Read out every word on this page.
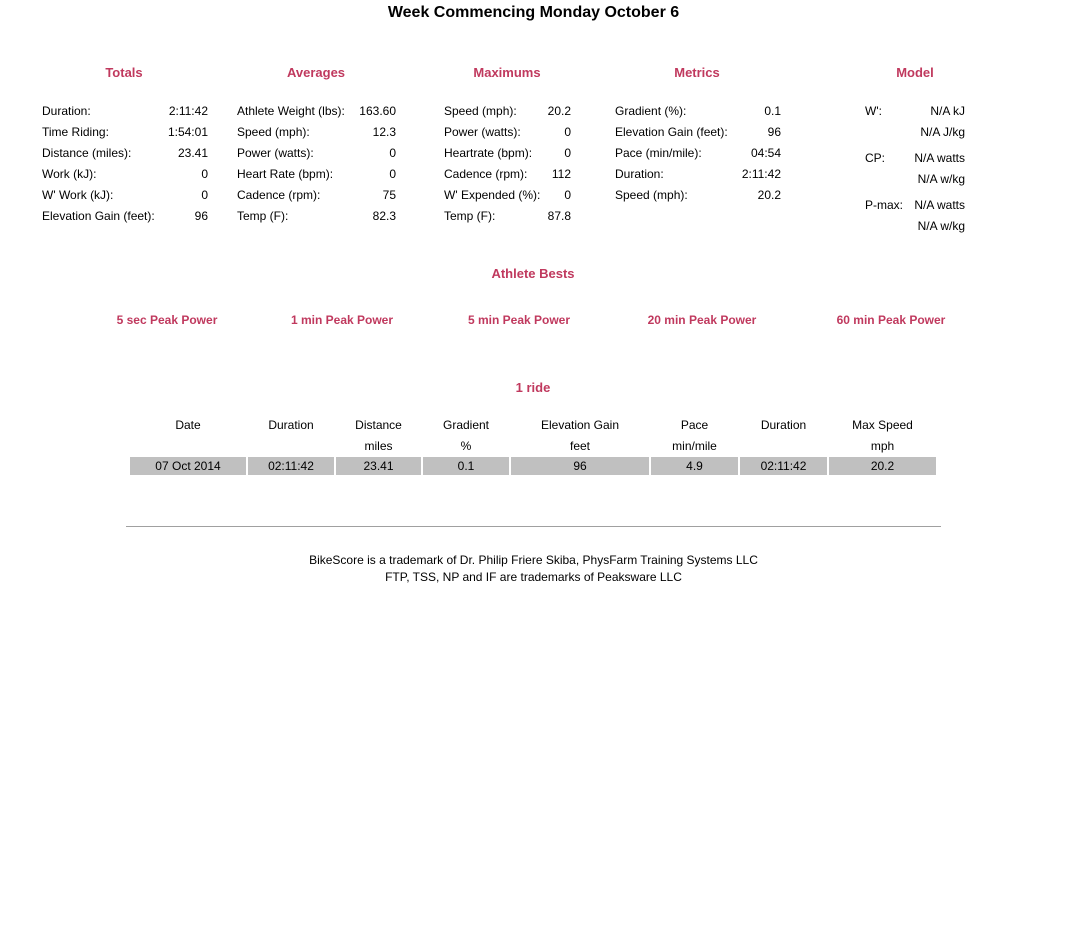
Week Commencing Monday October 6
Totals	Averages	Maximums	Metrics	Model
Duration:	2:11:42
Time Riding:	1:54:01
Distance (miles):	23.41
Work (kJ):	0
W' Work (kJ):	0
Elevation Gain (feet):	96
Athlete Weight (lbs): 163.60
Speed (mph):	12.3
Power (watts):	0
Heart Rate (bpm):	0
Cadence (rpm):	75
Temp (F):	82.3
Speed (mph):	20.2
Power (watts):	0
Heartrate (bpm):	0
Cadence (rpm): 112
W' Expended (%): 0
Temp (F):	87.8
Gradient (%):	0.1
Elevation Gain (feet):	96
Pace (min/mile):	04:54
Duration:	2:11:42
Speed (mph):	20.2
W':	N/A kJ
N/A J/kg
CP:	N/A watts
N/A w/kg
P-max: N/A watts
N/A w/kg
Athlete Bests
5 sec Peak Power	1 min Peak Power	5 min Peak Power	20 min Peak Power	60 min Peak Power
1 ride
Date	Duration	Distance	Gradient	Elevation Gain	Pace	Duration	Max Speed
		miles	%	feet	min/mile		mph
07 Oct 2014	02:11:42	23.41	0.1	96	4.9	02:11:42	20.2
BikeScore is a trademark of Dr. Philip Friere Skiba, PhysFarm Training Systems LLC
FTP, TSS, NP and IF are trademarks of Peaksware LLC
